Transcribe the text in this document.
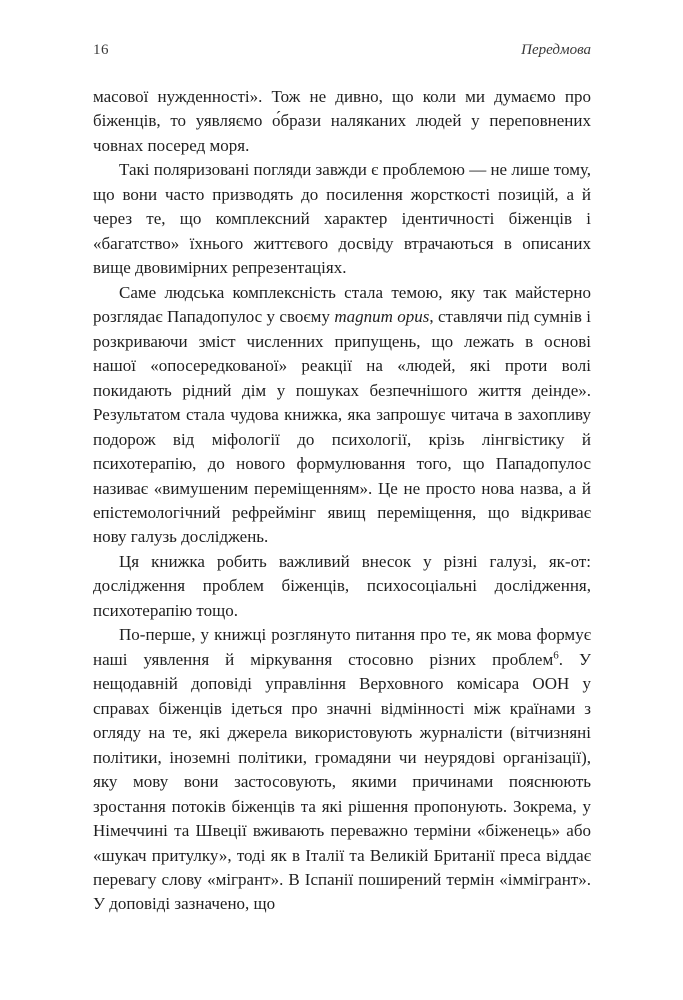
16	Передмова

масової нужденності». Тож не дивно, що коли ми думаємо про біженців, то уявляємо о́брази наляканих людей у переповнених човнах посеред моря.

Такі поляризовані погляди завжди є проблемою — не лише тому, що вони часто призводять до посилення жорсткості позицій, а й через те, що комплексний характер ідентичності біженців і «багатство» їхнього життєвого досвіду втрачаються в описаних вище двовимірних репрезентаціях.

Саме людська комплексність стала темою, яку так майстерно розглядає Пападопулос у своєму magnum opus, ставлячи під сумнів і розкриваючи зміст численних припущень, що лежать в основі нашої «опосередкованої» реакції на «людей, які проти волі покидають рідний дім у пошуках безпечнішого життя деінде». Результатом стала чудова книжка, яка запрошує читача в захопливу подорож від міфології до психології, крізь лінгвістику й психотерапію, до нового формулювання того, що Пападопулос називає «вимушеним переміщенням». Це не просто нова назва, а й епістемологічний рефреймінг явищ переміщення, що відкриває нову галузь досліджень.

Ця книжка робить важливий внесок у різні галузі, як-от: дослідження проблем біженців, психосоціальні дослідження, психотерапію тощо.

По-перше, у книжці розглянуто питання про те, як мова формує наші уявлення й міркування стосовно різних проблем$^6$. У нещодавній доповіді управління Верховного комісара ООН у справах біженців ідеться про значні відмінності між країнами з огляду на те, які джерела використовують журналісти (вітчизняні політики, іноземні політики, громадяни чи неурядові організації), яку мову вони застосовують, якими причинами пояснюють зростання потоків біженців та які рішення пропонують. Зокрема, у Німеччині та Швеції вживають переважно терміни «біженець» або «шукач притулку», тоді як в Італії та Великій Британії преса віддає перевагу слову «мігрант». В Іспанії поширений термін «іммігрант». У доповіді зазначено, що
